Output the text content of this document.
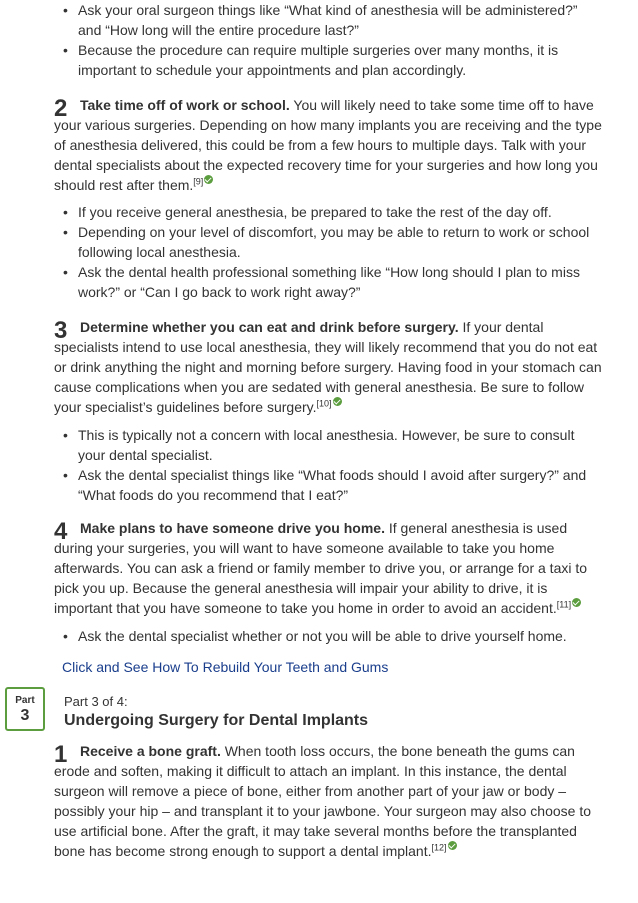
• Ask your oral surgeon things like “What kind of anesthesia will be administered?” and “How long will the entire procedure last?”
• Because the procedure can require multiple surgeries over many months, it is important to schedule your appointments and plan accordingly.
2 Take time off of work or school. You will likely need to take some time off to have your various surgeries. Depending on how many implants you are receiving and the type of anesthesia delivered, this could be from a few hours to multiple days. Talk with your dental specialists about the expected recovery time for your surgeries and how long you should rest after them.[9]

• If you receive general anesthesia, be prepared to take the rest of the day off.
• Depending on your level of discomfort, you may be able to return to work or school following local anesthesia.
• Ask the dental health professional something like “How long should I plan to miss work?” or “Can I go back to work right away?”
3 Determine whether you can eat and drink before surgery. If your dental specialists intend to use local anesthesia, they will likely recommend that you do not eat or drink anything the night and morning before surgery. Having food in your stomach can cause complications when you are sedated with general anesthesia. Be sure to follow your specialist’s guidelines before surgery.[10]

• This is typically not a concern with local anesthesia. However, be sure to consult your dental specialist.
• Ask the dental specialist things like “What foods should I avoid after surgery?” and “What foods do you recommend that I eat?”
4 Make plans to have someone drive you home. If general anesthesia is used during your surgeries, you will want to have someone available to take you home afterwards. You can ask a friend or family member to drive you, or arrange for a taxi to pick you up. Because the general anesthesia will impair your ability to drive, it is important that you have someone to take you home in order to avoid an accident.[11]

• Ask the dental specialist whether or not you will be able to drive yourself home.
Click and See How To Rebuild Your Teeth and Gums
Part
3
Part 3 of 4:
Undergoing Surgery for Dental Implants
1 Receive a bone graft. When tooth loss occurs, the bone beneath the gums can erode and soften, making it difficult to attach an implant. In this instance, the dental surgeon will remove a piece of bone, either from another part of your jaw or body – possibly your hip – and transplant it to your jawbone. Your surgeon may also choose to use artificial bone. After the graft, it may take several months before the transplanted bone has become strong enough to support a dental implant.[12]
